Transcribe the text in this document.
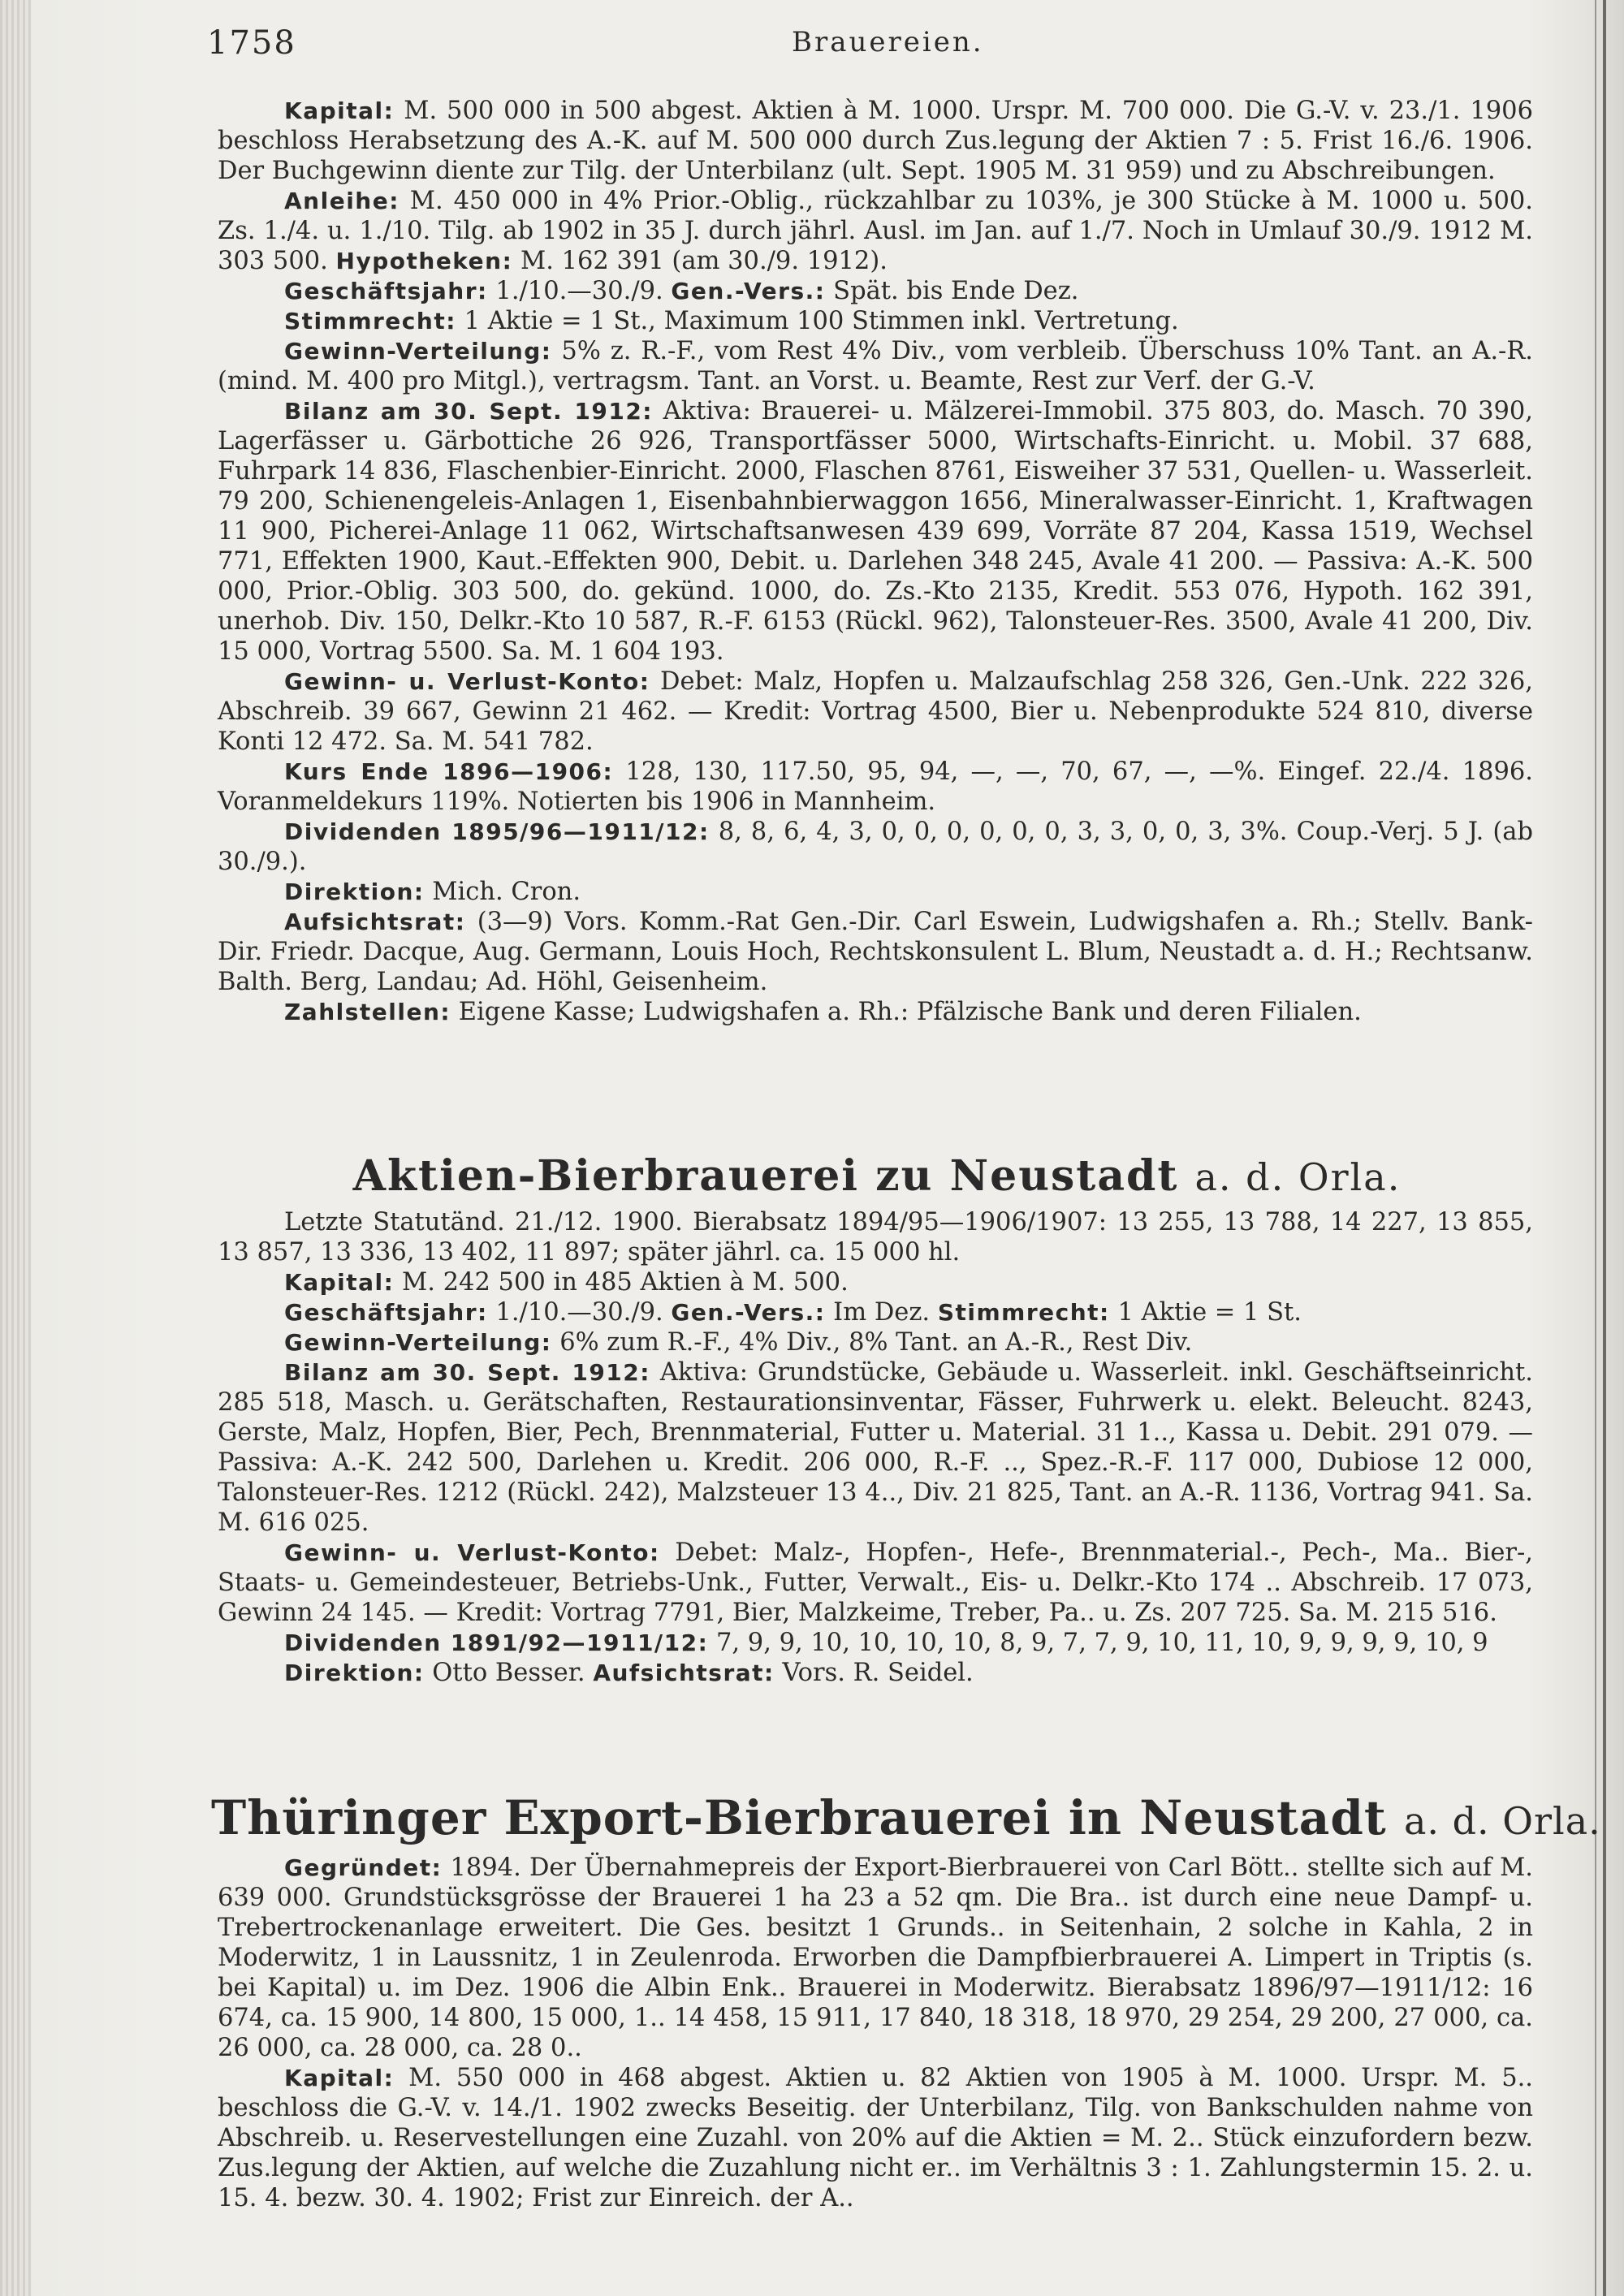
1758	Brauereien.

Kapital: M. 500 000 in 500 abgest. Aktien à M. 1000. Urspr. M. 700 000. Die G.-V. v. 23./1. 1906 beschloss Herabsetzung des A.-K. auf M. 500 000 durch Zus.legung der Aktien 7 : 5. Frist 16./6. 1906. Der Buchgewinn diente zur Tilg. der Unterbilanz (ult. Sept. 1905 M. 31 959) und zu Abschreibungen.

Anleihe: M. 450 000 in 4% Prior.-Oblig., rückzahlbar zu 103%, je 300 Stücke à M. 1000 u. 500. Zs. 1./4. u. 1./10. Tilg. ab 1902 in 35 J. durch jährl. Ausl. im Jan. auf 1./7. Noch in Umlauf 30./9. 1912 M. 303 500. Hypotheken: M. 162 391 (am 30./9. 1912).

Geschäftsjahr: 1./10.—30./9. Gen.-Vers.: Spät. bis Ende Dez.

Stimmrecht: 1 Aktie = 1 St., Maximum 100 Stimmen inkl. Vertretung.

Gewinn-Verteilung: 5% z. R.-F., vom Rest 4% Div., vom verbleib. Überschuss 10% Tant. an A.-R. (mind. M. 400 pro Mitgl.), vertragsm. Tant. an Vorst. u. Beamte, Rest zur Verf. der G.-V.

Bilanz am 30. Sept. 1912: Aktiva: Brauerei- u. Mälzerei-Immobil. 375 803, do. Masch. 70 390, Lagerfässer u. Gärbottiche 26 926, Transportfässer 5000, Wirtschafts-Einricht. u. Mobil. 37 688, Fuhrpark 14 836, Flaschenbier-Einricht. 2000, Flaschen 8761, Eisweiher 37 531, Quellen- u. Wasserleit. 79 200, Schienengeleis-Anlagen 1, Eisenbahnbierwaggon 1656, Mineralwasser-Einricht. 1, Kraftwagen 11 900, Picherei-Anlage 11 062, Wirtschaftsanwesen 439 699, Vorräte 87 204, Kassa 1519, Wechsel 771, Effekten 1900, Kaut.-Effekten 900, Debit. u. Darlehen 348 245, Avale 41 200. — Passiva: A.-K. 500 000, Prior.-Oblig. 303 500, do. gekünd. 1000, do. Zs.-Kto 2135, Kredit. 553 076, Hypoth. 162 391, unerhob. Div. 150, Delkr.-Kto 10 587, R.-F. 6153 (Rückl. 962), Talonsteuer-Res. 3500, Avale 41 200, Div. 15 000, Vortrag 5500. Sa. M. 1 604 193.

Gewinn- u. Verlust-Konto: Debet: Malz, Hopfen u. Malzaufschlag 258 326, Gen.-Unk. 222 326, Abschreib. 39 667, Gewinn 21 462. — Kredit: Vortrag 4500, Bier u. Nebenprodukte 524 810, diverse Konti 12 472. Sa. M. 541 782.

Kurs Ende 1896—1906: 128, 130, 117.50, 95, 94, —, —, 70, 67, —, —%. Eingef. 22./4. 1896. Voranmeldekurs 119%. Notierten bis 1906 in Mannheim.

Dividenden 1895/96—1911/12: 8, 8, 6, 4, 3, 0, 0, 0, 0, 0, 0, 3, 3, 0, 0, 3, 3%. Coup.-Verj. 5 J. (ab 30./9.).

Direktion: Mich. Cron.

Aufsichtsrat: (3—9) Vors. Komm.-Rat Gen.-Dir. Carl Eswein, Ludwigshafen a. Rh.; Stellv. Bank-Dir. Friedr. Dacque, Aug. Germann, Louis Hoch, Rechtskonsulent L. Blum, Neustadt a. d. H.; Rechtsanw. Balth. Berg, Landau; Ad. Höhl, Geisenheim.

Zahlstellen: Eigene Kasse; Ludwigshafen a. Rh.: Pfälzische Bank und deren Filialen.

Aktien-Bierbrauerei zu Neustadt a. d. Orla.

Letzte Statutänd. 21./12. 1900. Bierabsatz 1894/95—1906/1907: 13 255, 13 788, 14 227, 13 855, 13 857, 13 336, 13 402, 11 897; später jährl. ca. 15 000 hl.

Kapital: M. 242 500 in 485 Aktien à M. 500.

Geschäftsjahr: 1./10.—30./9. Gen.-Vers.: Im Dez. Stimmrecht: 1 Aktie = 1 St.

Gewinn-Verteilung: 6% zum R.-F., 4% Div., 8% Tant. an A.-R., Rest Div.

Bilanz am 30. Sept. 1912: Aktiva: Grundstücke, Gebäude u. Wasserleit. inkl. Geschäftseinricht. 285 518, Masch. u. Gerätschaften, Restaurationsinventar, Fässer, Fuhrwerk u. elekt. Beleucht. 8243, Gerste, Malz, Hopfen, Bier, Pech, Brennmaterial, Futter u. Material. 31 1.., Kassa u. Debit. 291 079. — Passiva: A.-K. 242 500, Darlehen u. Kredit. 206 000, R.-F. .., Spez.-R.-F. 117 000, Dubiose 12 000, Talonsteuer-Res. 1212 (Rückl. 242), Malzsteuer 13 4.., Div. 21 825, Tant. an A.-R. 1136, Vortrag 941. Sa. M. 616 025.

Gewinn- u. Verlust-Konto: Debet: Malz-, Hopfen-, Hefe-, Brennmaterial.-, Pech-, Ma.. Bier-, Staats- u. Gemeindesteuer, Betriebs-Unk., Futter, Verwalt., Eis- u. Delkr.-Kto 174 .. Abschreib. 17 073, Gewinn 24 145. — Kredit: Vortrag 7791, Bier, Malzkeime, Treber, Pa.. u. Zs. 207 725. Sa. M. 215 516.

Dividenden 1891/92—1911/12: 7, 9, 9, 10, 10, 10, 10, 8, 9, 7, 7, 9, 10, 11, 10, 9, 9, 9, 9, 10, 9

Direktion: Otto Besser. Aufsichtsrat: Vors. R. Seidel.

Thüringer Export-Bierbrauerei in Neustadt a. d. Orla.

Gegründet: 1894. Der Übernahmepreis der Export-Bierbrauerei von Carl Bött.. stellte sich auf M. 639 000. Grundstücksgrösse der Brauerei 1 ha 23 a 52 qm. Die Bra.. ist durch eine neue Dampf- u. Trebertrockenanlage erweitert. Die Ges. besitzt 1 Grunds.. in Seitenhain, 2 solche in Kahla, 2 in Moderwitz, 1 in Laussnitz, 1 in Zeulenroda. Erworben die Dampfbierbrauerei A. Limpert in Triptis (s. bei Kapital) u. im Dez. 1906 die Albin Enk.. Brauerei in Moderwitz. Bierabsatz 1896/97—1911/12: 16 674, ca. 15 900, 14 800, 15 000, 1.. 14 458, 15 911, 17 840, 18 318, 18 970, 29 254, 29 200, 27 000, ca. 26 000, ca. 28 000, ca. 28 0..

Kapital: M. 550 000 in 468 abgest. Aktien u. 82 Aktien von 1905 à M. 1000. Urspr. M. 5.. beschloss die G.-V. v. 14./1. 1902 zwecks Beseitig. der Unterbilanz, Tilg. von Bankschulden nahme von Abschreib. u. Reservestellungen eine Zuzahl. von 20% auf die Aktien = M. 2.. Stück einzufordern bezw. Zus.legung der Aktien, auf welche die Zuzahlung nicht er.. im Verhältnis 3 : 1. Zahlungstermin 15. 2. u. 15. 4. bezw. 30. 4. 1902; Frist zur Einreich. der A..
